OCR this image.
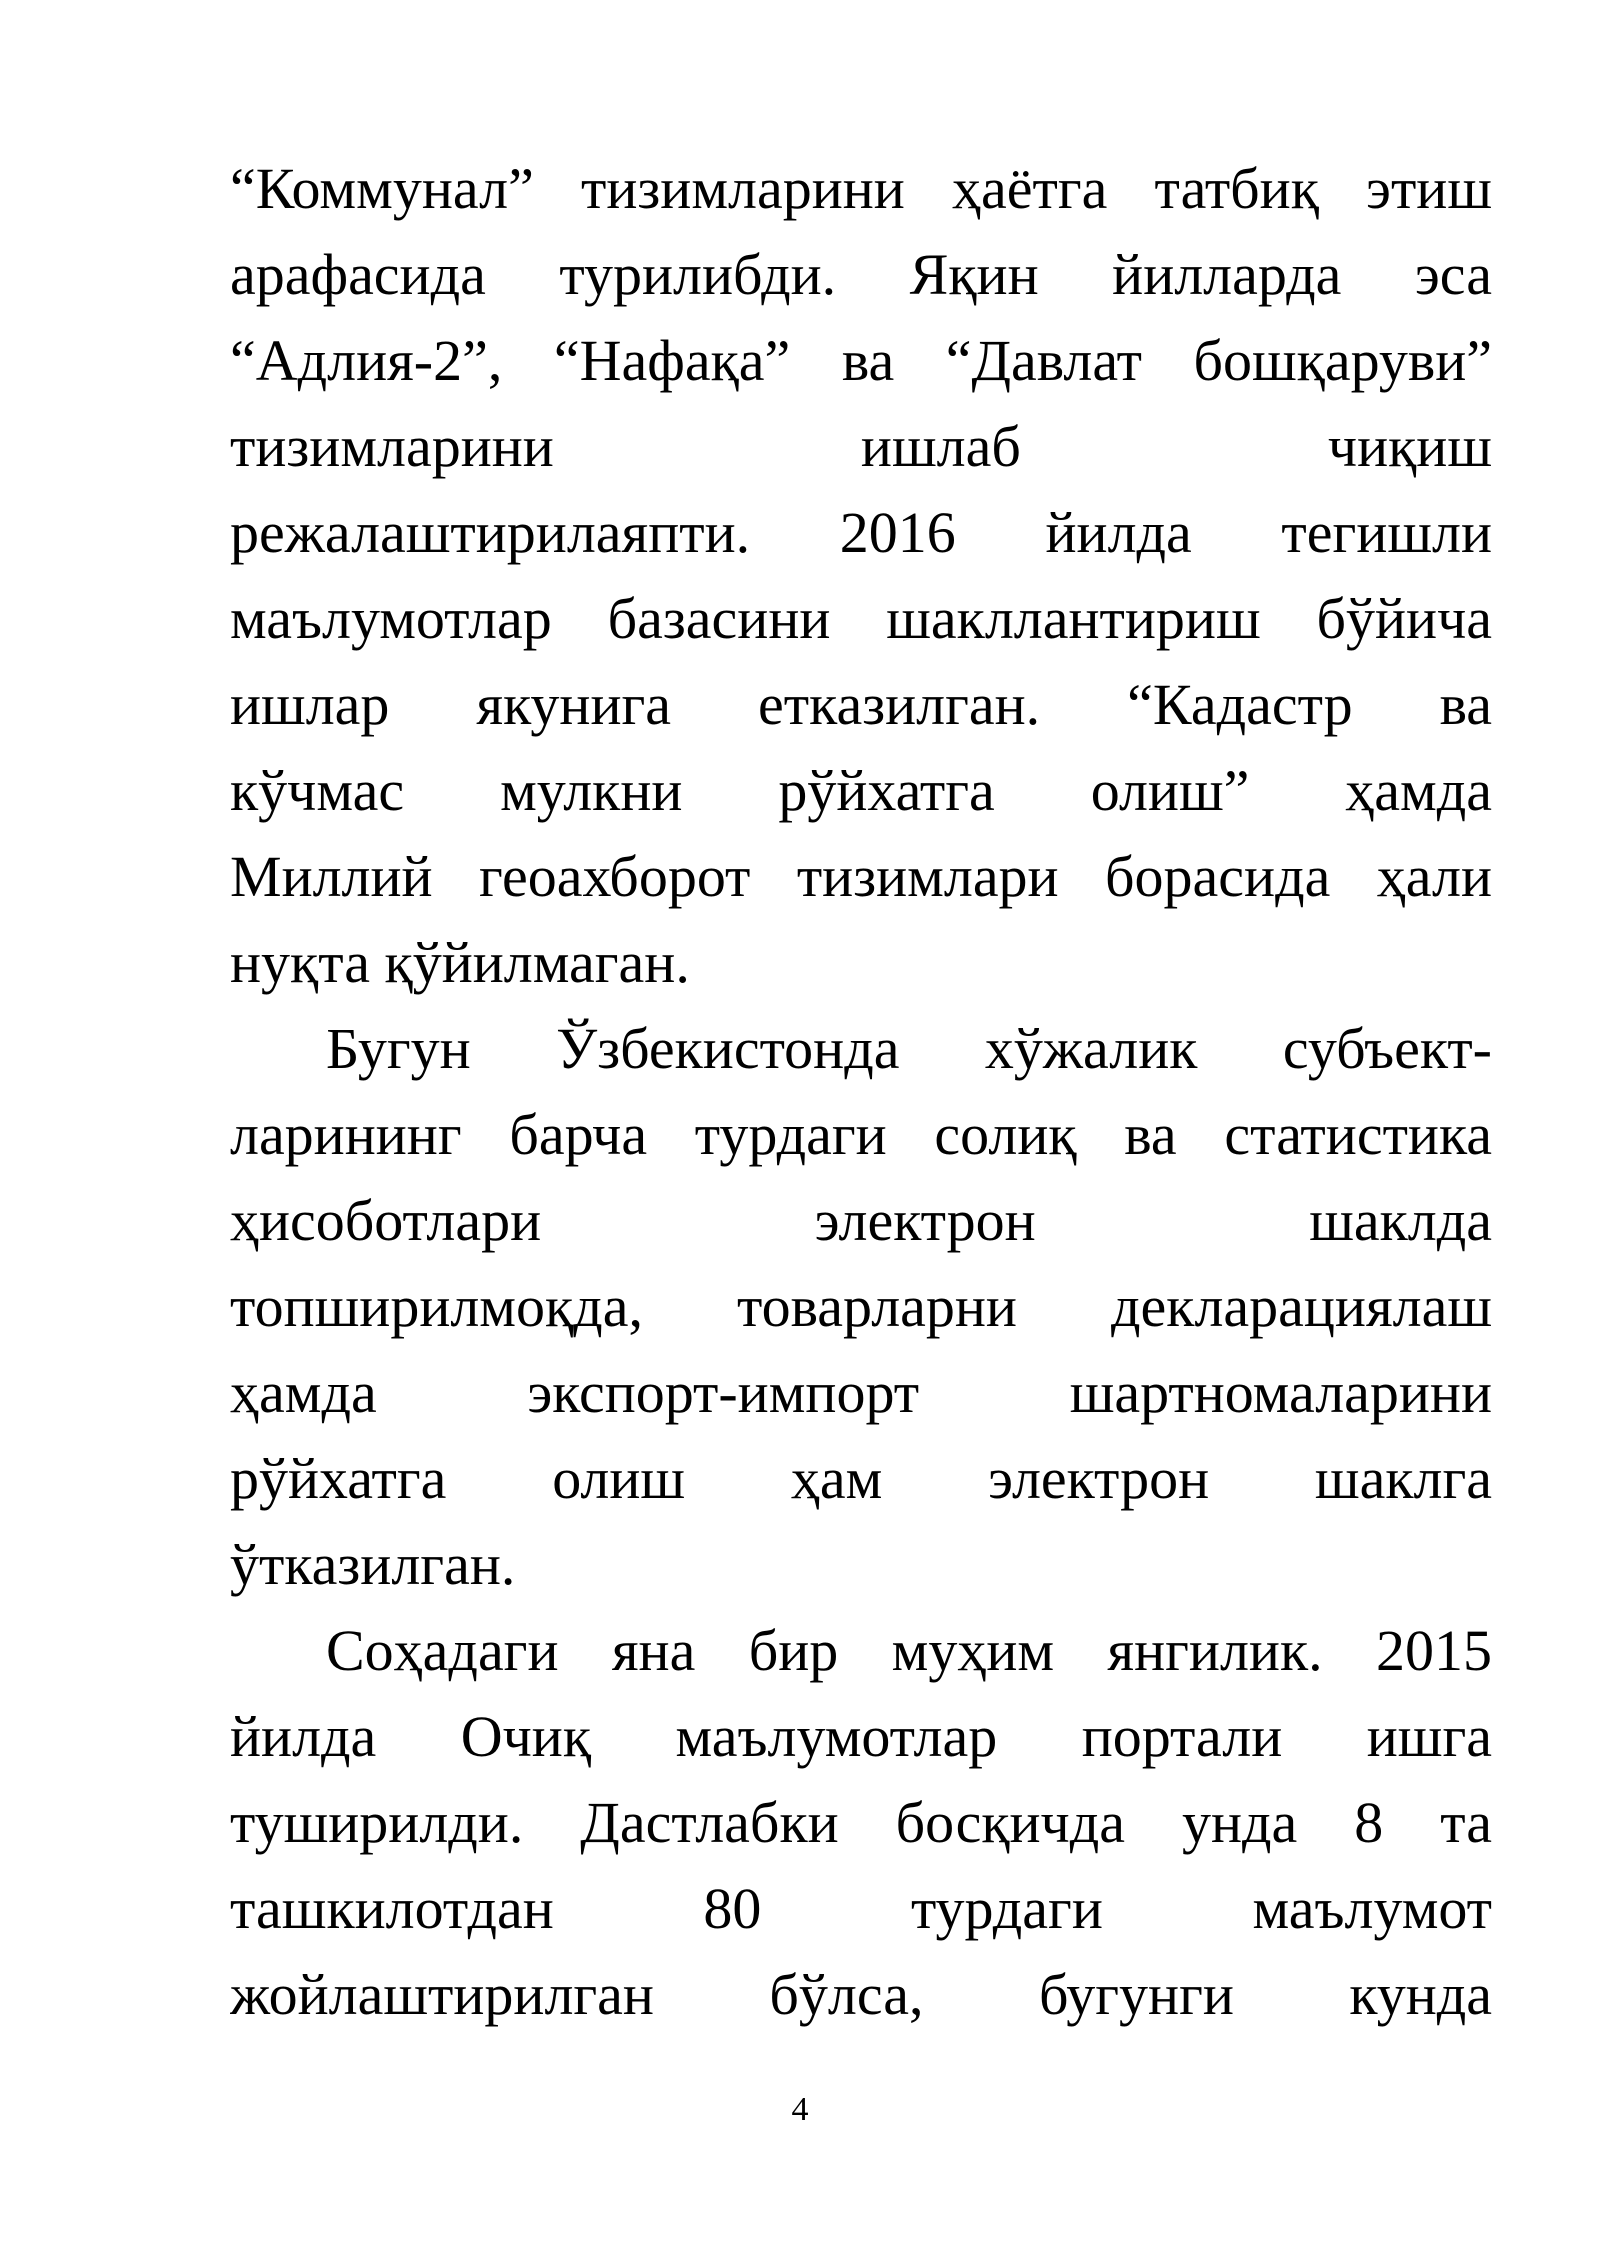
“Коммунал” тизимларини ҳаётга татбиқ этиш
арафасида турилибди. Яқин йилларда эса
“Адлия-2”, “Нафақа” ва “Давлат бошқаруви”
тизимларини ишлаб чиқиш
режалаштирилаяпти. 2016 йилда тегишли
маълумотлар базасини шакллантириш бўйича
ишлар якунига етказилган. “Кадастр ва
кўчмас мулкни рўйхатга олиш” ҳамда
Миллий геоахборот тизимлари борасида ҳали
нуқта қўйилмаган.
Бугун Ўзбекистонда хўжалик субъект-
ларининг барча турдаги солиқ ва статистика
ҳисоботлари электрон шаклда
топширилмоқда, товарларни декларациялаш
ҳамда экспорт-импорт шартномаларини
рўйхатга олиш ҳам электрон шаклга
ўтказилган.
Соҳадаги яна бир муҳим янгилик. 2015
йилда Очиқ маълумотлар портали ишга
туширилди. Дастлабки босқичда унда 8 та
ташкилотдан 80 турдаги маълумот
жойлаштирилган бўлса, бугунги кунда
4
